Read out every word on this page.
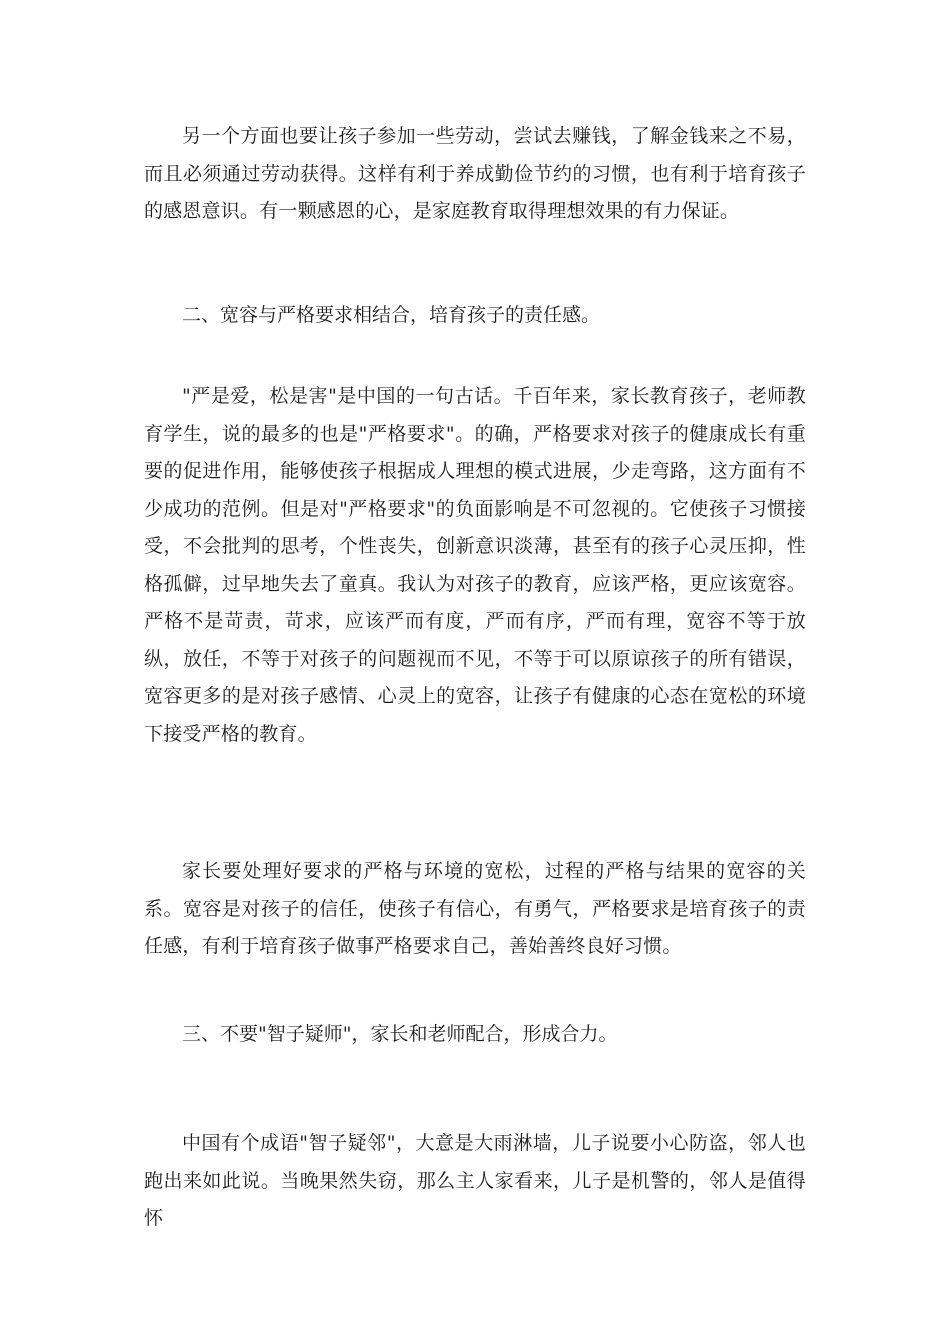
另一个方面也要让孩子参加一些劳动，尝试去赚钱，了解金钱来之不易，而且必须通过劳动获得。这样有利于养成勤俭节约的习惯，也有利于培育孩子的感恩意识。有一颗感恩的心，是家庭教育取得理想效果的有力保证。

二、宽容与严格要求相结合，培育孩子的责任感。

"严是爱，松是害"是中国的一句古话。千百年来，家长教育孩子，老师教育学生，说的最多的也是"严格要求"。的确，严格要求对孩子的健康成长有重要的促进作用，能够使孩子根据成人理想的模式进展，少走弯路，这方面有不少成功的范例。但是对"严格要求"的负面影响是不可忽视的。它使孩子习惯接受，不会批判的思考，个性丧失，创新意识淡薄，甚至有的孩子心灵压抑，性格孤僻，过早地失去了童真。我认为对孩子的教育，应该严格，更应该宽容。严格不是苛责，苛求，应该严而有度，严而有序，严而有理，宽容不等于放纵，放任，不等于对孩子的问题视而不见，不等于可以原谅孩子的所有错误，宽容更多的是对孩子感情、心灵上的宽容，让孩子有健康的心态在宽松的环境下接受严格的教育。

家长要处理好要求的严格与环境的宽松，过程的严格与结果的宽容的关系。宽容是对孩子的信任，使孩子有信心，有勇气，严格要求是培育孩子的责任感，有利于培育孩子做事严格要求自己，善始善终良好习惯。

三、不要"智子疑师"，家长和老师配合，形成合力。

中国有个成语"智子疑邻"，大意是大雨淋墙，儿子说要小心防盗，邻人也跑出来如此说。当晚果然失窃，那么主人家看来，儿子是机警的，邻人是值得怀
